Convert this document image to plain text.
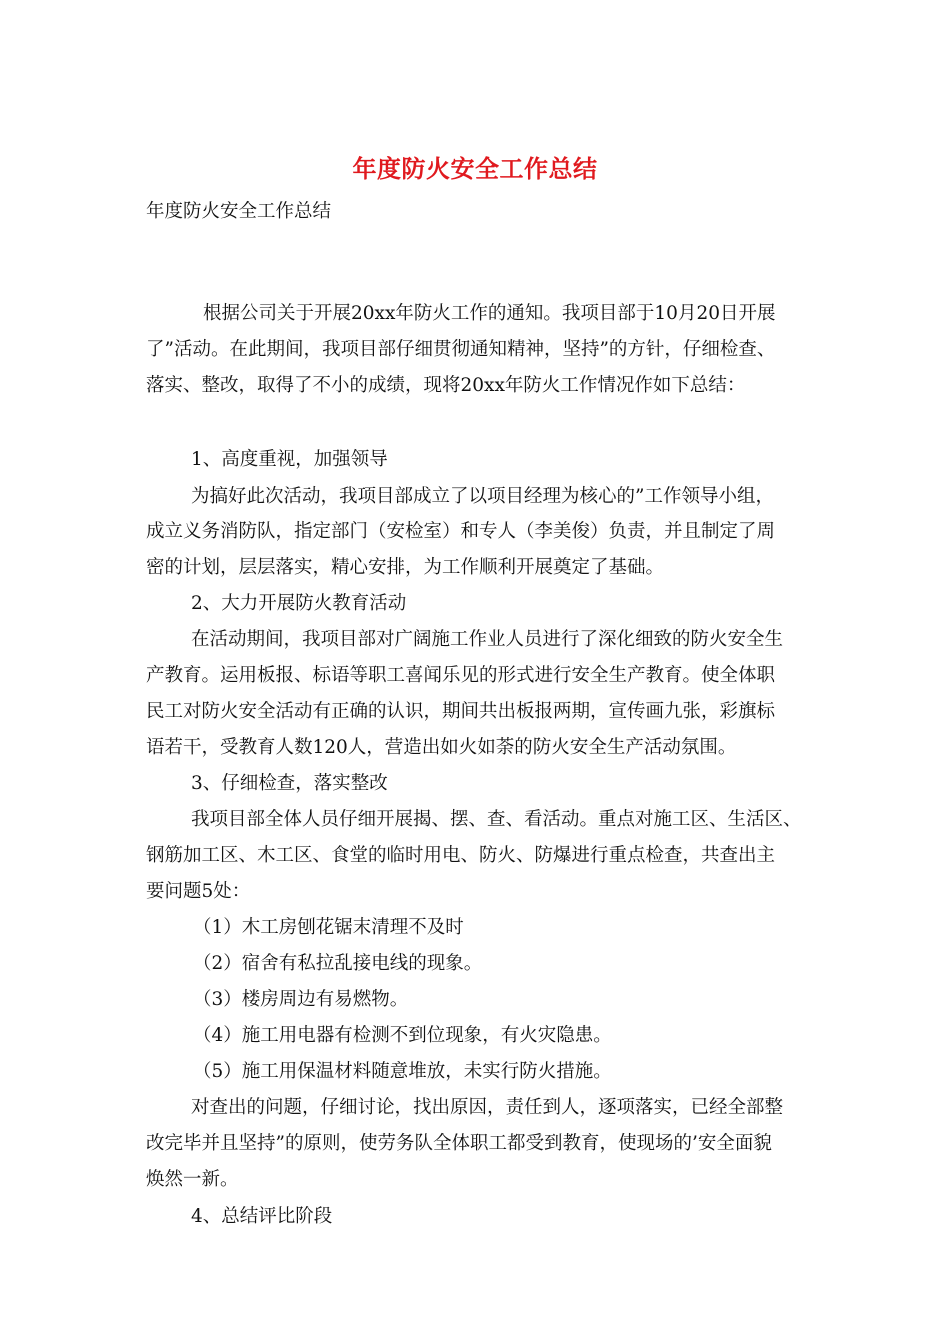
年度防火安全工作总结
年度防火安全工作总结
根据公司关于开展20xx年防火工作的通知。我项目部于10月20日开展
了”活动。在此期间，我项目部仔细贯彻通知精神，坚持”的方针，仔细检查、
落实、整改，取得了不小的成绩，现将20xx年防火工作情况作如下总结：
1、高度重视，加强领导
为搞好此次活动，我项目部成立了以项目经理为核心的”工作领导小组，
成立义务消防队，指定部门（安检室）和专人（李美俊）负责，并且制定了周
密的计划，层层落实，精心安排，为工作顺利开展奠定了基础。
2、大力开展防火教育活动
在活动期间，我项目部对广阔施工作业人员进行了深化细致的防火安全生
产教育。运用板报、标语等职工喜闻乐见的形式进行安全生产教育。使全体职
民工对防火安全活动有正确的认识，期间共出板报两期，宣传画九张，彩旗标
语若干，受教育人数120人，营造出如火如荼的防火安全生产活动氛围。
3、仔细检查，落实整改
我项目部全体人员仔细开展揭、摆、查、看活动。重点对施工区、生活区、
钢筋加工区、木工区、食堂的临时用电、防火、防爆进行重点检查，共查出主
要问题5处：
（1）木工房刨花锯末清理不及时
（2）宿舍有私拉乱接电线的现象。
（3）楼房周边有易燃物。
（4）施工用电器有检测不到位现象，有火灾隐患。
（5）施工用保温材料随意堆放，未实行防火措施。
对查出的问题，仔细讨论，找出原因，责任到人，逐项落实，已经全部整
改完毕并且坚持”的原则，使劳务队全体职工都受到教育，使现场的’安全面貌
焕然一新。
4、总结评比阶段
